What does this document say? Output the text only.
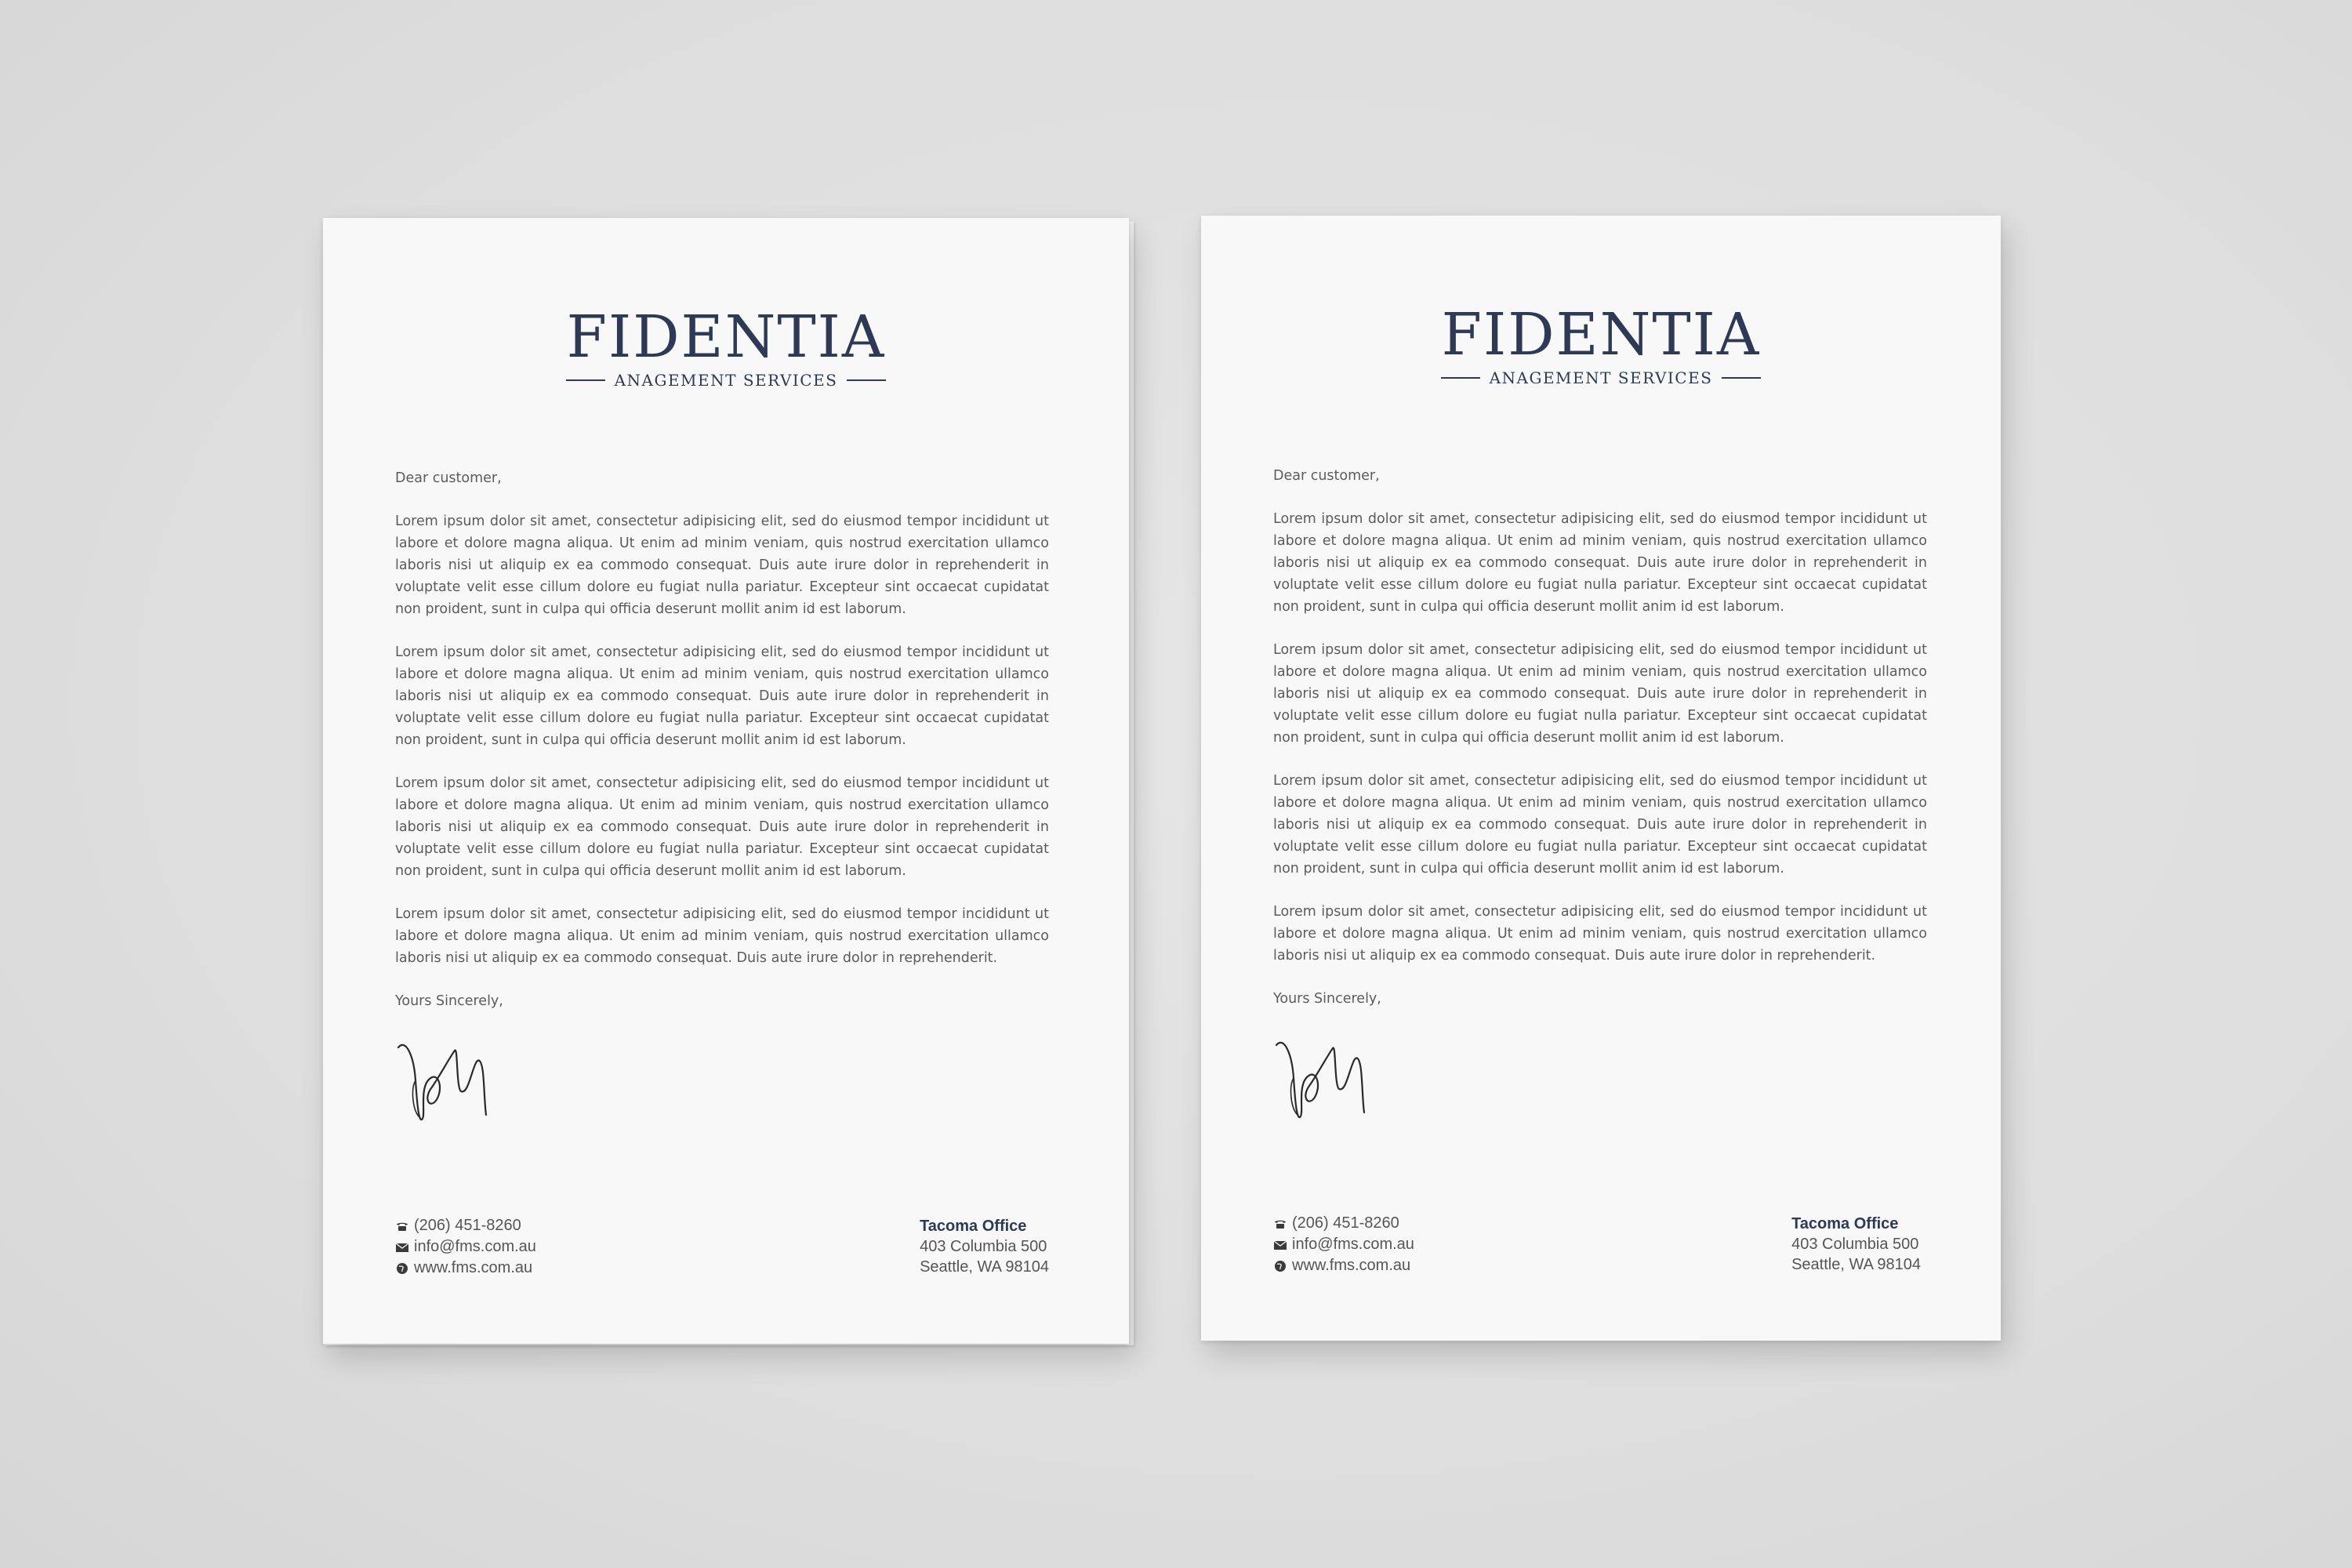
FIDENTIA
ANAGEMENT SERVICES

Dear customer,

Lorem ipsum dolor sit amet, consectetur adipisicing elit, sed do eiusmod tempor incididunt ut labore et dolore magna aliqua. Ut enim ad minim veniam, quis nostrud exercitation ullamco laboris nisi ut aliquip ex ea commodo consequat. Duis aute irure dolor in reprehenderit in voluptate velit esse cillum dolore eu fugiat nulla pariatur. Excepteur sint occaecat cupidatat non proident, sunt in culpa qui officia deserunt mollit anim id est laborum.

Lorem ipsum dolor sit amet, consectetur adipisicing elit, sed do eiusmod tempor incididunt ut labore et dolore magna aliqua. Ut enim ad minim veniam, quis nostrud exercitation ullamco laboris nisi ut aliquip ex ea commodo consequat. Duis aute irure dolor in reprehenderit in voluptate velit esse cillum dolore eu fugiat nulla pariatur. Excepteur sint occaecat cupidatat non proident, sunt in culpa qui officia deserunt mollit anim id est laborum.

Lorem ipsum dolor sit amet, consectetur adipisicing elit, sed do eiusmod tempor incididunt ut labore et dolore magna aliqua. Ut enim ad minim veniam, quis nostrud exercitation ullamco laboris nisi ut aliquip ex ea commodo consequat. Duis aute irure dolor in reprehenderit in voluptate velit esse cillum dolore eu fugiat nulla pariatur. Excepteur sint occaecat cupidatat non proident, sunt in culpa qui officia deserunt mollit anim id est laborum.

Lorem ipsum dolor sit amet, consectetur adipisicing elit, sed do eiusmod tempor incididunt ut labore et dolore magna aliqua. Ut enim ad minim veniam, quis nostrud exercitation ullamco laboris nisi ut aliquip ex ea commodo consequat. Duis aute irure dolor in reprehenderit.

Yours Sincerely,

(206) 451-8260
info@fms.com.au
www.fms.com.au
Tacoma Office
403 Columbia 500
Seattle, WA 98104
FIDENTIA
ANAGEMENT SERVICES

Dear customer,

Lorem ipsum dolor sit amet, consectetur adipisicing elit, sed do eiusmod tempor incididunt ut labore et dolore magna aliqua. Ut enim ad minim veniam, quis nostrud exercitation ullamco laboris nisi ut aliquip ex ea commodo consequat. Duis aute irure dolor in reprehenderit in voluptate velit esse cillum dolore eu fugiat nulla pariatur. Excepteur sint occaecat cupidatat non proident, sunt in culpa qui officia deserunt mollit anim id est laborum.

Lorem ipsum dolor sit amet, consectetur adipisicing elit, sed do eiusmod tempor incididunt ut labore et dolore magna aliqua. Ut enim ad minim veniam, quis nostrud exercitation ullamco laboris nisi ut aliquip ex ea commodo consequat. Duis aute irure dolor in reprehenderit in voluptate velit esse cillum dolore eu fugiat nulla pariatur. Excepteur sint occaecat cupidatat non proident, sunt in culpa qui officia deserunt mollit anim id est laborum.

Lorem ipsum dolor sit amet, consectetur adipisicing elit, sed do eiusmod tempor incididunt ut labore et dolore magna aliqua. Ut enim ad minim veniam, quis nostrud exercitation ullamco laboris nisi ut aliquip ex ea commodo consequat. Duis aute irure dolor in reprehenderit in voluptate velit esse cillum dolore eu fugiat nulla pariatur. Excepteur sint occaecat cupidatat non proident, sunt in culpa qui officia deserunt mollit anim id est laborum.

Lorem ipsum dolor sit amet, consectetur adipisicing elit, sed do eiusmod tempor incididunt ut labore et dolore magna aliqua. Ut enim ad minim veniam, quis nostrud exercitation ullamco laboris nisi ut aliquip ex ea commodo consequat. Duis aute irure dolor in reprehenderit.

Yours Sincerely,

(206) 451-8260
info@fms.com.au
www.fms.com.au
Tacoma Office
403 Columbia 500
Seattle, WA 98104
